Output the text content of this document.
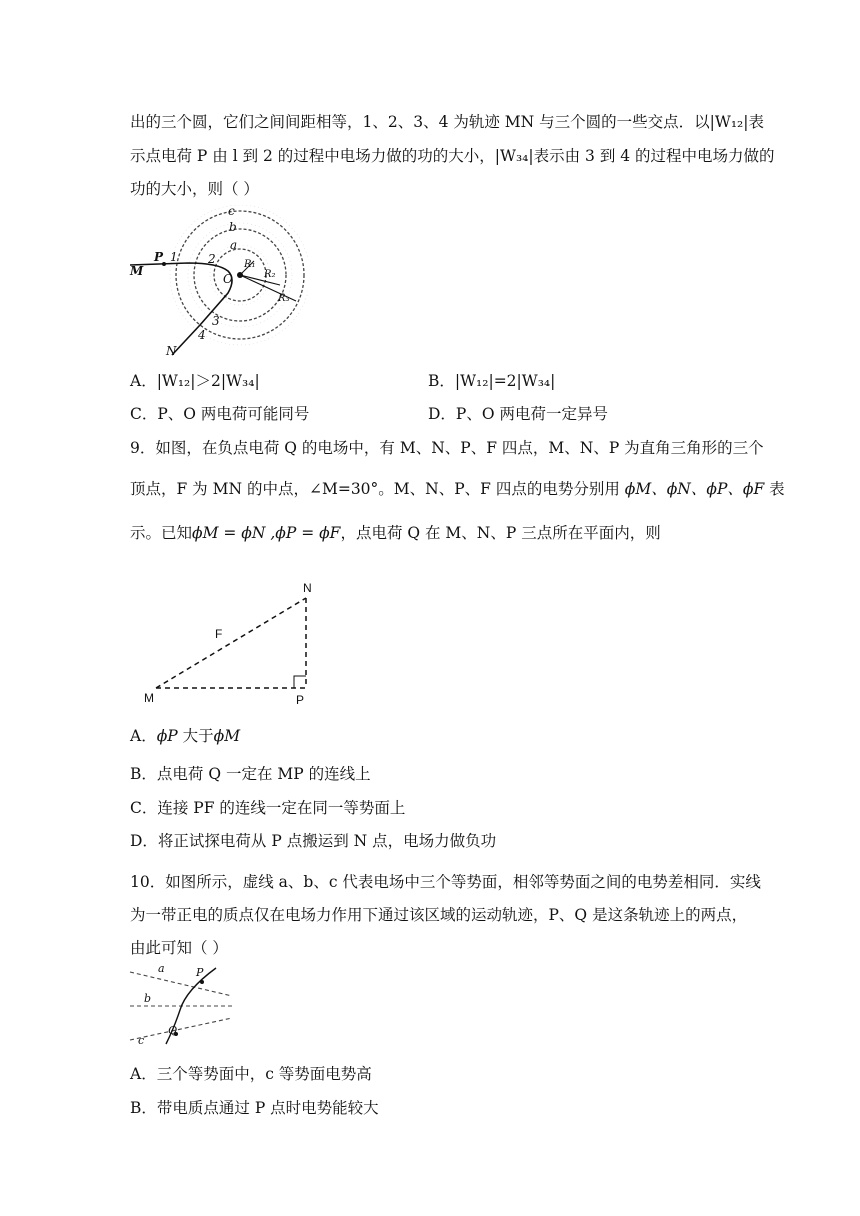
出的三个圆，它们之间间距相等，1、2、3、4 为轨迹 MN 与三个圆的一些交点．以|W₁₂|表
示点电荷 P 由 l 到 2 的过程中电场力做的功的大小，|W₃₄|表示由 3 到 4 的过程中电场力做的
功的大小，则（ ）
c
b
a
P 1	2
M
O
R₁
R₂
R₃
3
4
N
A．|W₁₂|＞2|W₃₄|	B．|W₁₂|=2|W₃₄|
C．P、O 两电荷可能同号	D．P、O 两电荷一定异号
9．如图，在负点电荷 Q 的电场中，有 M、N、P、F 四点，M、N、P 为直角三角形的三个
顶点，F 为 MN 的中点，∠M=30°。M、N、P、F 四点的电势分别用 ϕM、ϕN、ϕP、ϕF 表
示。已知ϕM = ϕN ,ϕP = ϕF，点电荷 Q 在 M、N、P 三点所在平面内，则
M
N
P
F
A．ϕP 大于ϕM
B．点电荷 Q 一定在 MP 的连线上
C．连接 PF 的连线一定在同一等势面上
D．将正试探电荷从 P 点搬运到 N 点，电场力做负功
10．如图所示，虚线 a、b、c 代表电场中三个等势面，相邻等势面之间的电势差相同．实线
为一带正电的质点仅在电场力作用下通过该区域的运动轨迹，P、Q 是这条轨迹上的两点，
由此可知（ ）
a
b
c
P
Q
A．三个等势面中，c 等势面电势高
B．带电质点通过 P 点时电势能较大
